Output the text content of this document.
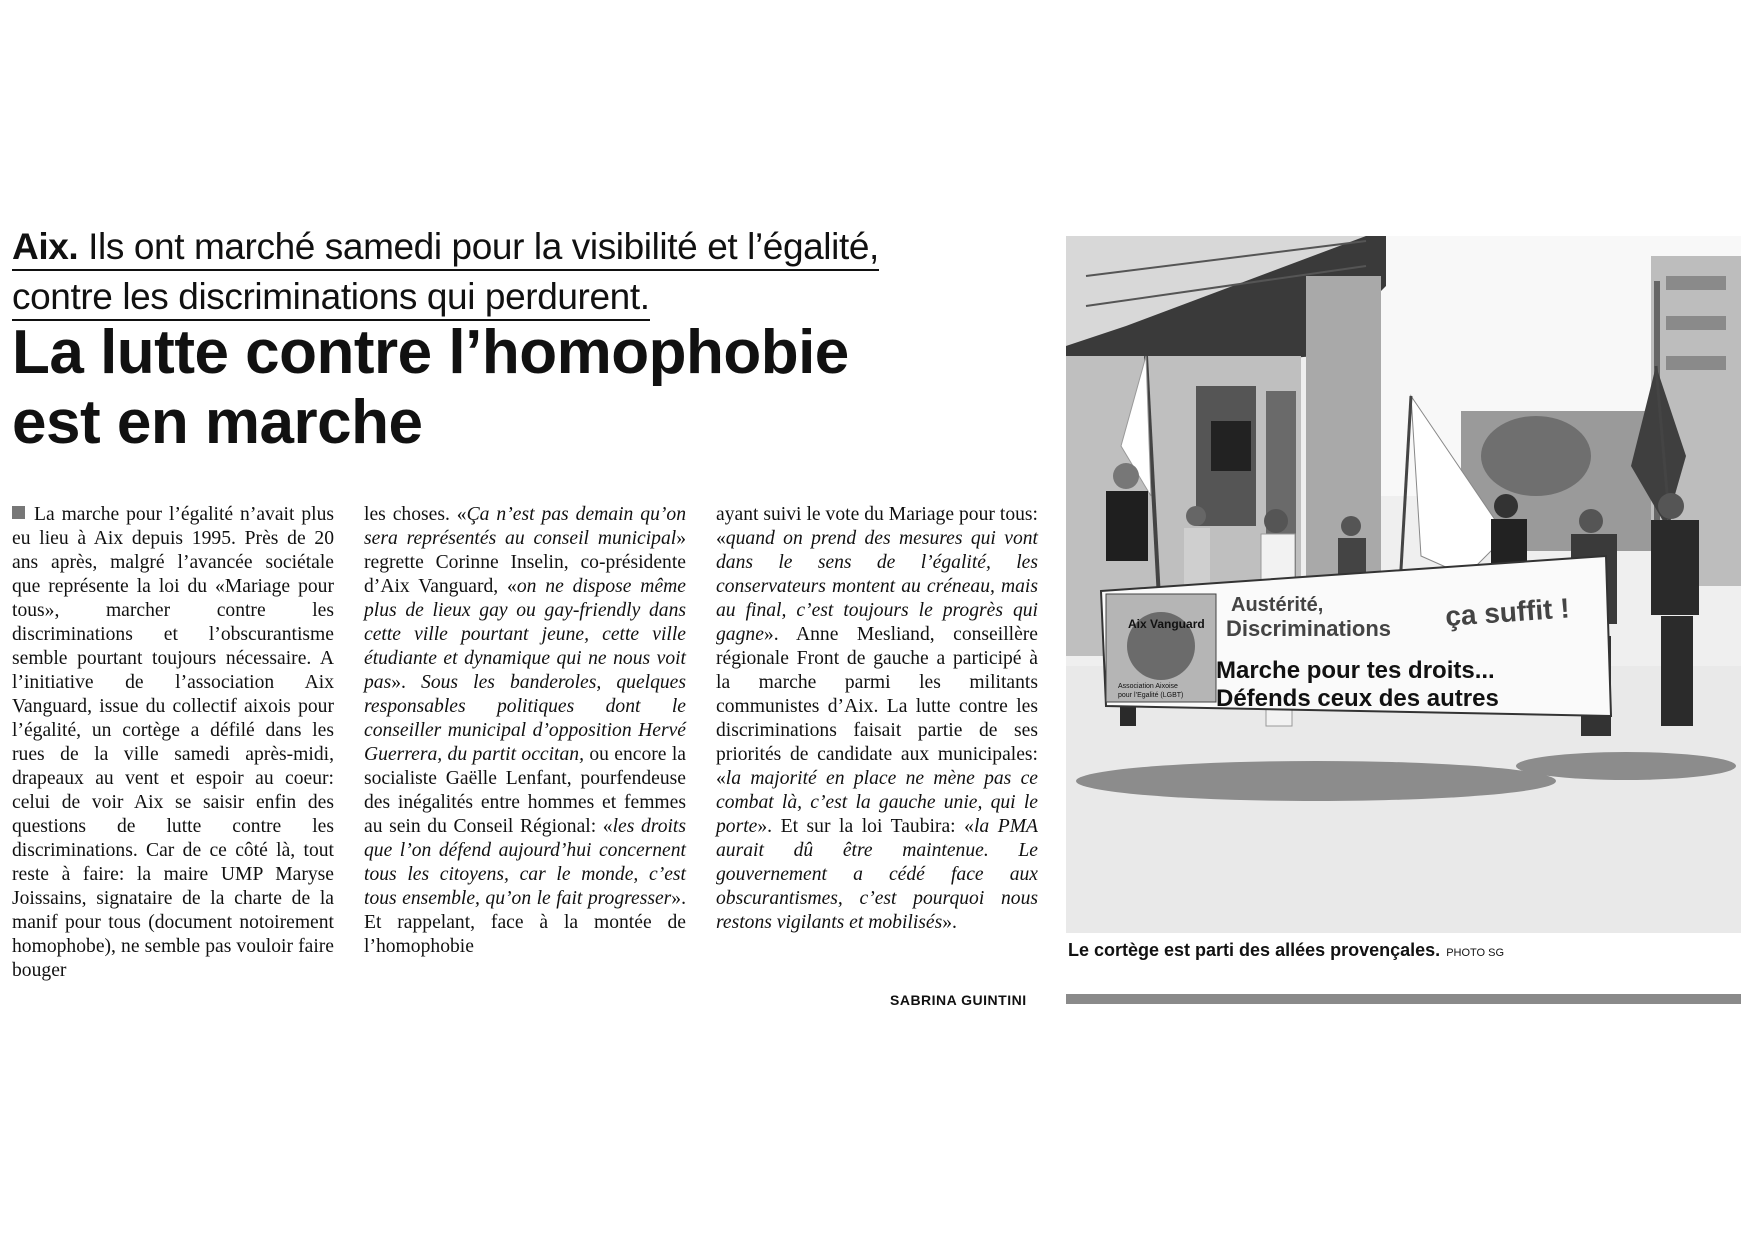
Aix. Ils ont marché samedi pour la visibilité et l’égalité,
contre les discriminations qui perdurent.
La lutte contre l’homophobie
est en marche

La marche pour l’égalité n’avait plus eu lieu à Aix depuis 1995. Près de 20 ans après, malgré l’avancée sociétale que représente la loi du «Mariage pour tous», marcher contre les discriminations et l’obscurantisme semble pourtant toujours nécessaire. A l’initiative de l’association Aix Vanguard, issue du collectif aixois pour l’égalité, un cortège a défilé dans les rues de la ville samedi après-midi, drapeaux au vent et espoir au coeur: celui de voir Aix se saisir enfin des questions de lutte contre les discriminations. Car de ce côté là, tout reste à faire: la maire UMP Maryse Joissains, signataire de la charte de la manif pour tous (document notoirement homophobe), ne semble pas vouloir faire bouger

les choses. «Ça n’est pas demain qu’on sera représentés au conseil municipal» regrette Corinne Inselin, co-présidente d’Aix Vanguard, «on ne dispose même plus de lieux gay ou gay-friendly dans cette ville pourtant jeune, cette ville étudiante et dynamique qui ne nous voit pas». Sous les banderoles, quelques responsables politiques dont le conseiller municipal d’opposition Hervé Guerrera, du partit occitan, ou encore la socialiste Gaëlle Lenfant, pourfendeuse des inégalités entre hommes et femmes au sein du Conseil Régional: «les droits que l’on défend aujourd’hui concernent tous les citoyens, car le monde, c’est tous ensemble, qu’on le fait progresser». Et rappelant, face à la montée de l’homophobie

ayant suivi le vote du Mariage pour tous: «quand on prend des mesures qui vont dans le sens de l’égalité, les conservateurs montent au créneau, mais au final, c’est toujours le progrès qui gagne». Anne Mesliand, conseillère régionale Front de gauche a participé à la marche parmi les militants communistes d’Aix. La lutte contre les discriminations faisait partie de ses priorités de candidate aux municipales: «la majorité en place ne mène pas ce combat là, c’est la gauche unie, qui le porte». Et sur la loi Taubira: «la PMA aurait dû être maintenue. Le gouvernement a cédé face aux obscurantismes, c’est pourquoi nous restons vigilants et mobilisés».

SABRINA GUINTINI
Aix Vanguard
Association Aixoise
pour l’Egalité (LGBT)
Austérité,
Discriminations ça suffit !
Marche pour tes droits...
Défends ceux des autres
Le cortège est parti des allées provençales. PHOTO SG
